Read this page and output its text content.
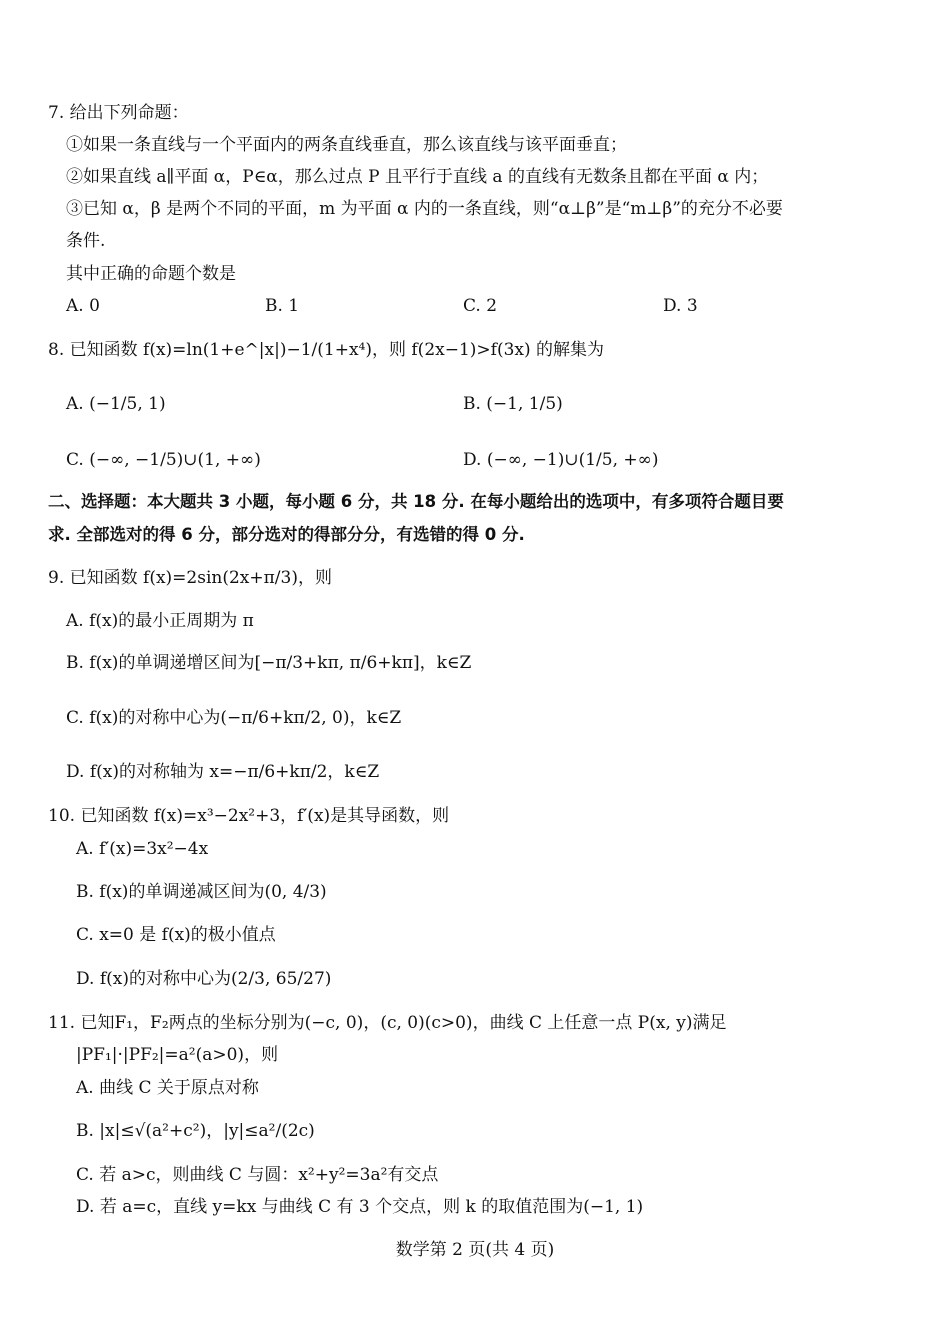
7. 给出下列命题：
①如果一条直线与一个平面内的两条直线垂直，那么该直线与该平面垂直；
②如果直线 a∥平面 α，P∈α，那么过点 P 且平行于直线 a 的直线有无数条且都在平面 α 内；
③已知 α，β 是两个不同的平面，m 为平面 α 内的一条直线，则“α⊥β”是“m⊥β”的充分不必要
条件.
其中正确的命题个数是
A. 0	B. 1	C. 2	D. 3
8. 已知函数 f(x)=ln(1+e^|x|)−1/(1+x⁴)，则 f(2x−1)>f(3x) 的解集为
A. (−1/5, 1)	B. (−1, 1/5)
C. (−∞, −1/5)∪(1, +∞)	D. (−∞, −1)∪(1/5, +∞)
二、选择题：本大题共 3 小题，每小题 6 分，共 18 分. 在每小题给出的选项中，有多项符合题目要
求. 全部选对的得 6 分，部分选对的得部分分，有选错的得 0 分.
9. 已知函数 f(x)=2sin(2x+π/3)，则
A. f(x)的最小正周期为 π
B. f(x)的单调递增区间为[−π/3+kπ, π/6+kπ]，k∈Z
C. f(x)的对称中心为(−π/6+kπ/2, 0)，k∈Z
D. f(x)的对称轴为 x=−π/6+kπ/2，k∈Z
10. 已知函数 f(x)=x³−2x²+3，f′(x)是其导函数，则
A. f′(x)=3x²−4x
B. f(x)的单调递减区间为(0, 4/3)
C. x=0 是 f(x)的极小值点
D. f(x)的对称中心为(2/3, 65/27)
11. 已知F₁，F₂两点的坐标分别为(−c, 0)，(c, 0)(c>0)，曲线 C 上任意一点 P(x, y)满足
|PF₁|·|PF₂|=a²(a>0)，则
A. 曲线 C 关于原点对称
B. |x|≤√(a²+c²)，|y|≤a²/(2c)
C. 若 a>c，则曲线 C 与圆：x²+y²=3a²有交点
D. 若 a=c，直线 y=kx 与曲线 C 有 3 个交点，则 k 的取值范围为(−1, 1)
数学第 2 页(共 4 页)
